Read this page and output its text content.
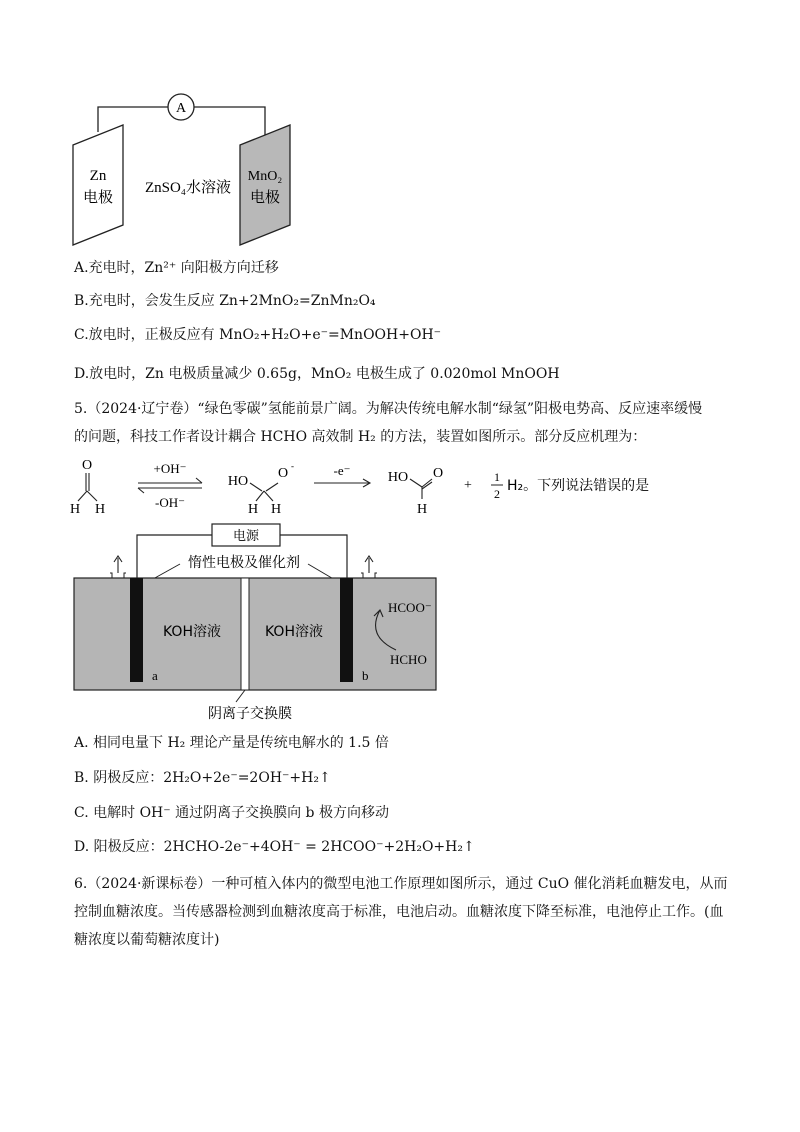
A
Zn
电极 ZnSO₄水溶液
MnO₂
电极
A.充电时，Zn²⁺ 向阳极方向迁移
B.充电时，会发生反应 Zn+2MnO₂=ZnMn₂O₄
C.放电时，正极反应有 MnO₂+H₂O+e⁻=MnOOH+OH⁻
D.放电时，Zn 电极质量减少 0.65g，MnO₂ 电极生成了 0.020mol MnOOH
5.（2024·辽宁卷）“绿色零碳”氢能前景广阔。为解决传统电解水制“绿氢”阳极电势高、反应速率缓慢
的问题，科技工作者设计耦合 HCHO 高效制 H₂ 的方法，装置如图所示。部分反应机理为：
O
H H
+OH⁻
-OH⁻
HO
O -
H H
-e⁻	HO O
H
+
1
2 H₂。下列说法错误的是
电源
惰性电极及催化剂
a	b
KOH溶液	KOH溶液
HCOO⁻
HCHO
阴离子交换膜
A. 相同电量下 H₂ 理论产量是传统电解水的 1.5 倍
B. 阴极反应：2H₂O+2e⁻=2OH⁻+H₂↑
C. 电解时 OH⁻ 通过阴离子交换膜向 b 极方向移动
D. 阳极反应：2HCHO-2e⁻+4OH⁻ = 2HCOO⁻+2H₂O+H₂↑
6.（2024·新课标卷）一种可植入体内的微型电池工作原理如图所示，通过 CuO 催化消耗血糖发电，从而控制血糖浓度。当传感器检测到血糖浓度高于标准，电池启动。血糖浓度下降至标准，电池停止工作。(血糖浓度以葡萄糖浓度计)
